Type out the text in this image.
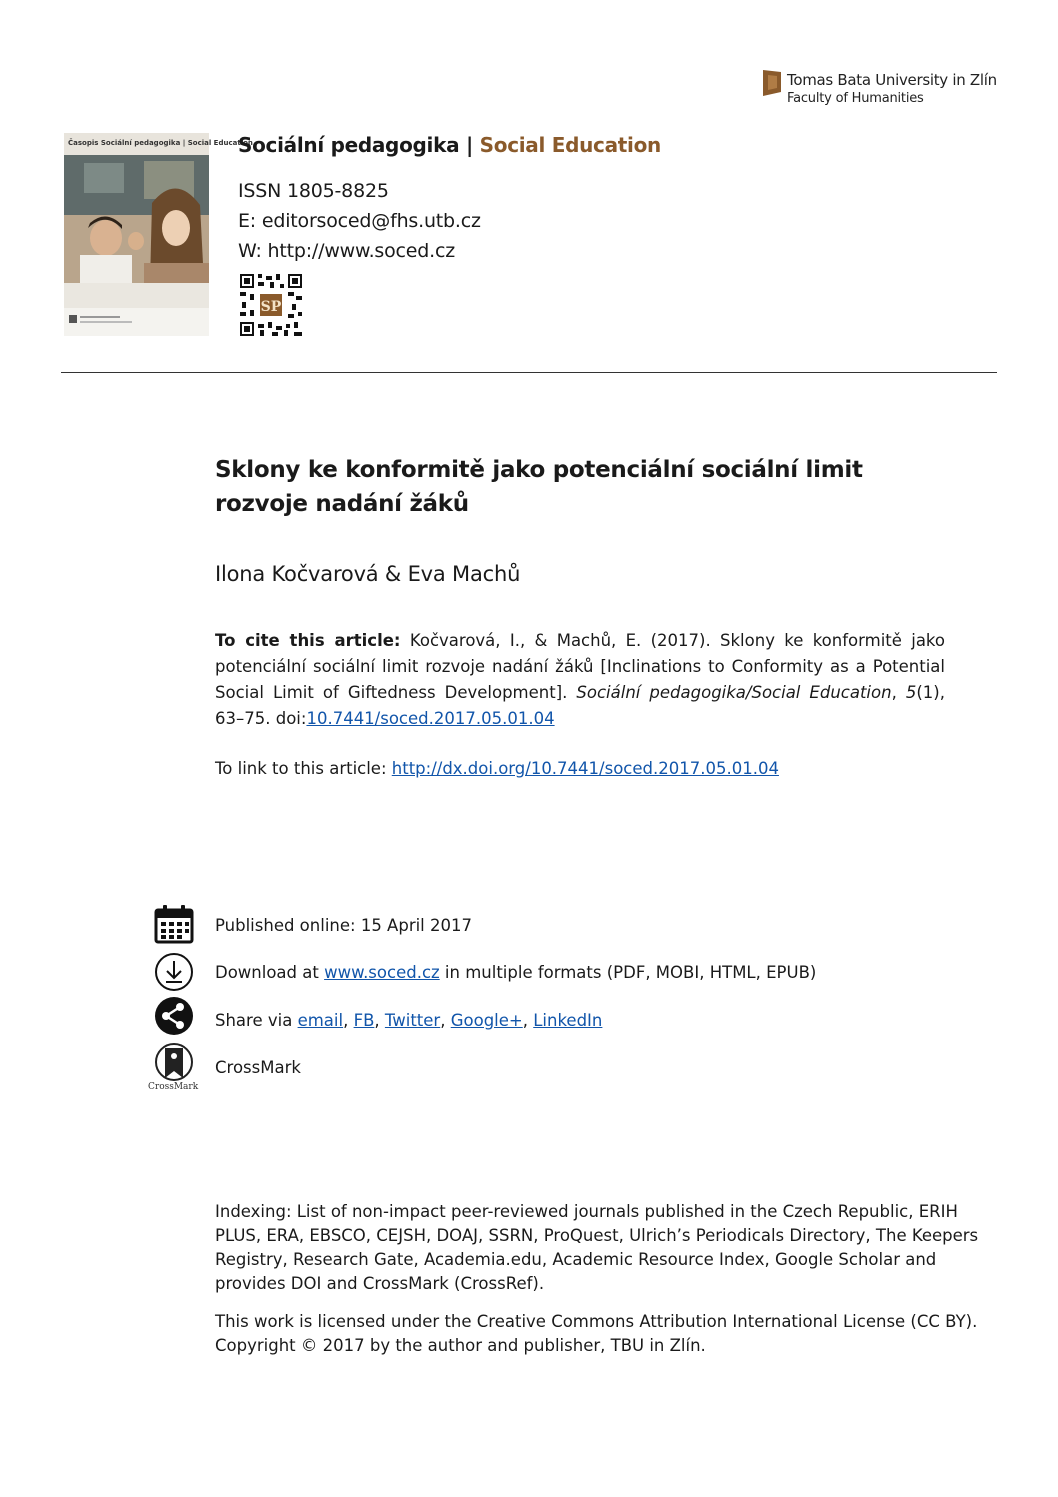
Tomas Bata University in Zlín
Faculty of Humanities
Časopis Sociální pedagogika | Social Education
Sociální pedagogika | Social Education
ISSN 1805-8825
E: editorsoced@fhs.utb.cz
W: http://www.soced.cz
SP
Sklony ke konformitě jako potenciální sociální limit rozvoje nadání žáků
Ilona Kočvarová & Eva Machů
To cite this article: Kočvarová, I., & Machů, E. (2017). Sklony ke konformitě jako potenciální sociální limit rozvoje nadání žáků [Inclinations to Conformity as a Potential Social Limit of Giftedness Development]. Sociální pedagogika/Social Education, 5(1), 63–75. doi:10.7441/soced.2017.05.01.04
To link to this article: http://dx.doi.org/10.7441/soced.2017.05.01.04
Published online: 15 April 2017
Download at www.soced.cz in multiple formats (PDF, MOBI, HTML, EPUB)
Share via email, FB, Twitter, Google+, LinkedIn
CrossMark
CrossMark
Indexing: List of non-impact peer-reviewed journals published in the Czech Republic, ERIH PLUS, ERA, EBSCO, CEJSH, DOAJ, SSRN, ProQuest, Ulrich’s Periodicals Directory, The Keepers Registry, Research Gate, Academia.edu, Academic Resource Index, Google Scholar and provides DOI and CrossMark (CrossRef).
This work is licensed under the Creative Commons Attribution International License (CC BY).
Copyright © 2017 by the author and publisher, TBU in Zlín.
